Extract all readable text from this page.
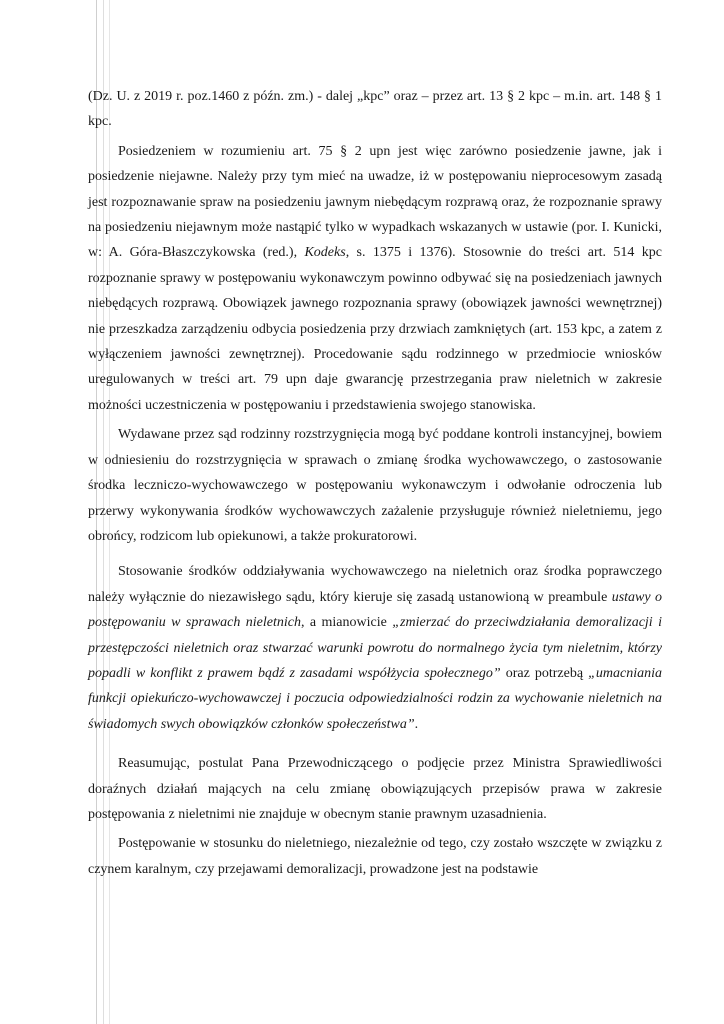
(Dz. U. z 2019 r. poz.1460 z późn. zm.) - dalej „kpc” oraz – przez art. 13 § 2 kpc – m.in. art. 148 § 1 kpc.

Posiedzeniem w rozumieniu art. 75 § 2 upn jest więc zarówno posiedzenie jawne, jak i posiedzenie niejawne. Należy przy tym mieć na uwadze, iż w postępowaniu nieprocesowym zasadą jest rozpoznawanie spraw na posiedzeniu jawnym niebędącym rozprawą oraz, że rozpoznanie sprawy na posiedzeniu niejawnym może nastąpić tylko w wypadkach wskazanych w ustawie (por. I. Kunicki, w: A. Góra-Błaszczykowska (red.), Kodeks, s. 1375 i 1376). Stosownie do treści art. 514 kpc rozpoznanie sprawy w postępowaniu wykonawczym powinno odbywać się na posiedzeniach jawnych niebędących rozprawą. Obowiązek jawnego rozpoznania sprawy (obowiązek jawności wewnętrznej) nie przeszkadza zarządzeniu odbycia posiedzenia przy drzwiach zamkniętych (art. 153 kpc, a zatem z wyłączeniem jawności zewnętrznej). Procedowanie sądu rodzinnego w przedmiocie wniosków uregulowanych w treści art. 79 upn daje gwarancję przestrzegania praw nieletnich w zakresie możności uczestniczenia w postępowaniu i przedstawienia swojego stanowiska.

Wydawane przez sąd rodzinny rozstrzygnięcia mogą być poddane kontroli instancyjnej, bowiem w odniesieniu do rozstrzygnięcia w sprawach o zmianę środka wychowawczego, o zastosowanie środka leczniczo-wychowawczego w postępowaniu wykonawczym i odwołanie odroczenia lub przerwy wykonywania środków wychowawczych zażalenie przysługuje również nieletniemu, jego obrońcy, rodzicom lub opiekunowi, a także prokuratorowi.

Stosowanie środków oddziaływania wychowawczego na nieletnich oraz środka poprawczego należy wyłącznie do niezawisłego sądu, który kieruje się zasadą ustanowioną w preambule ustawy o postępowaniu w sprawach nieletnich, a mianowicie „zmierzać do przeciwdziałania demoralizacji i przestępczości nieletnich oraz stwarzać warunki powrotu do normalnego życia tym nieletnim, którzy popadli w konflikt z prawem bądź z zasadami współżycia społecznego” oraz potrzebą „umacniania funkcji opiekuńczo-wychowawczej i poczucia odpowiedzialności rodzin za wychowanie nieletnich na świadomych swych obowiązków członków społeczeństwa”.

Reasumując, postulat Pana Przewodniczącego o podjęcie przez Ministra Sprawiedliwości doraźnych działań mających na celu zmianę obowiązujących przepisów prawa w zakresie postępowania z nieletnimi nie znajduje w obecnym stanie prawnym uzasadnienia.

Postępowanie w stosunku do nieletniego, niezależnie od tego, czy zostało wszczęte w związku z czynem karalnym, czy przejawami demoralizacji, prowadzone jest na podstawie
